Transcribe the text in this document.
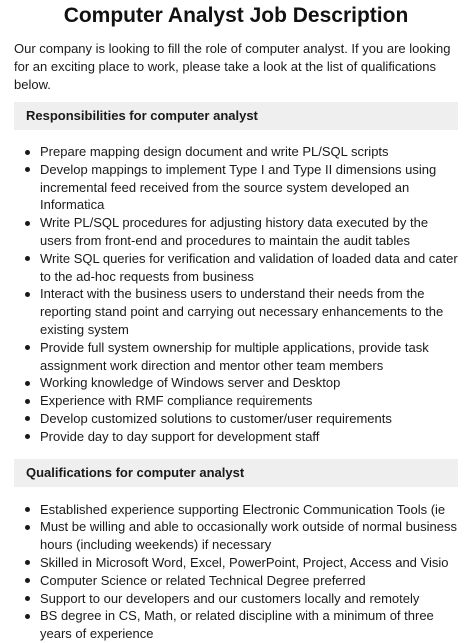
Computer Analyst Job Description

Our company is looking to fill the role of computer analyst. If you are looking for an exciting place to work, please take a look at the list of qualifications below.

Responsibilities for computer analyst
Prepare mapping design document and write PL/SQL scripts
Develop mappings to implement Type I and Type II dimensions using incremental feed received from the source system developed an Informatica
Write PL/SQL procedures for adjusting history data executed by the users from front-end and procedures to maintain the audit tables
Write SQL queries for verification and validation of loaded data and cater to the ad-hoc requests from business
Interact with the business users to understand their needs from the reporting stand point and carrying out necessary enhancements to the existing system
Provide full system ownership for multiple applications, provide task assignment work direction and mentor other team members
Working knowledge of Windows server and Desktop
Experience with RMF compliance requirements
Develop customized solutions to customer/user requirements
Provide day to day support for development staff
Qualifications for computer analyst
Established experience supporting Electronic Communication Tools (ie
Must be willing and able to occasionally work outside of normal business hours (including weekends) if necessary
Skilled in Microsoft Word, Excel, PowerPoint, Project, Access and Visio
Computer Science or related Technical Degree preferred
Support to our developers and our customers locally and remotely
BS degree in CS, Math, or related discipline with a minimum of three years of experience
